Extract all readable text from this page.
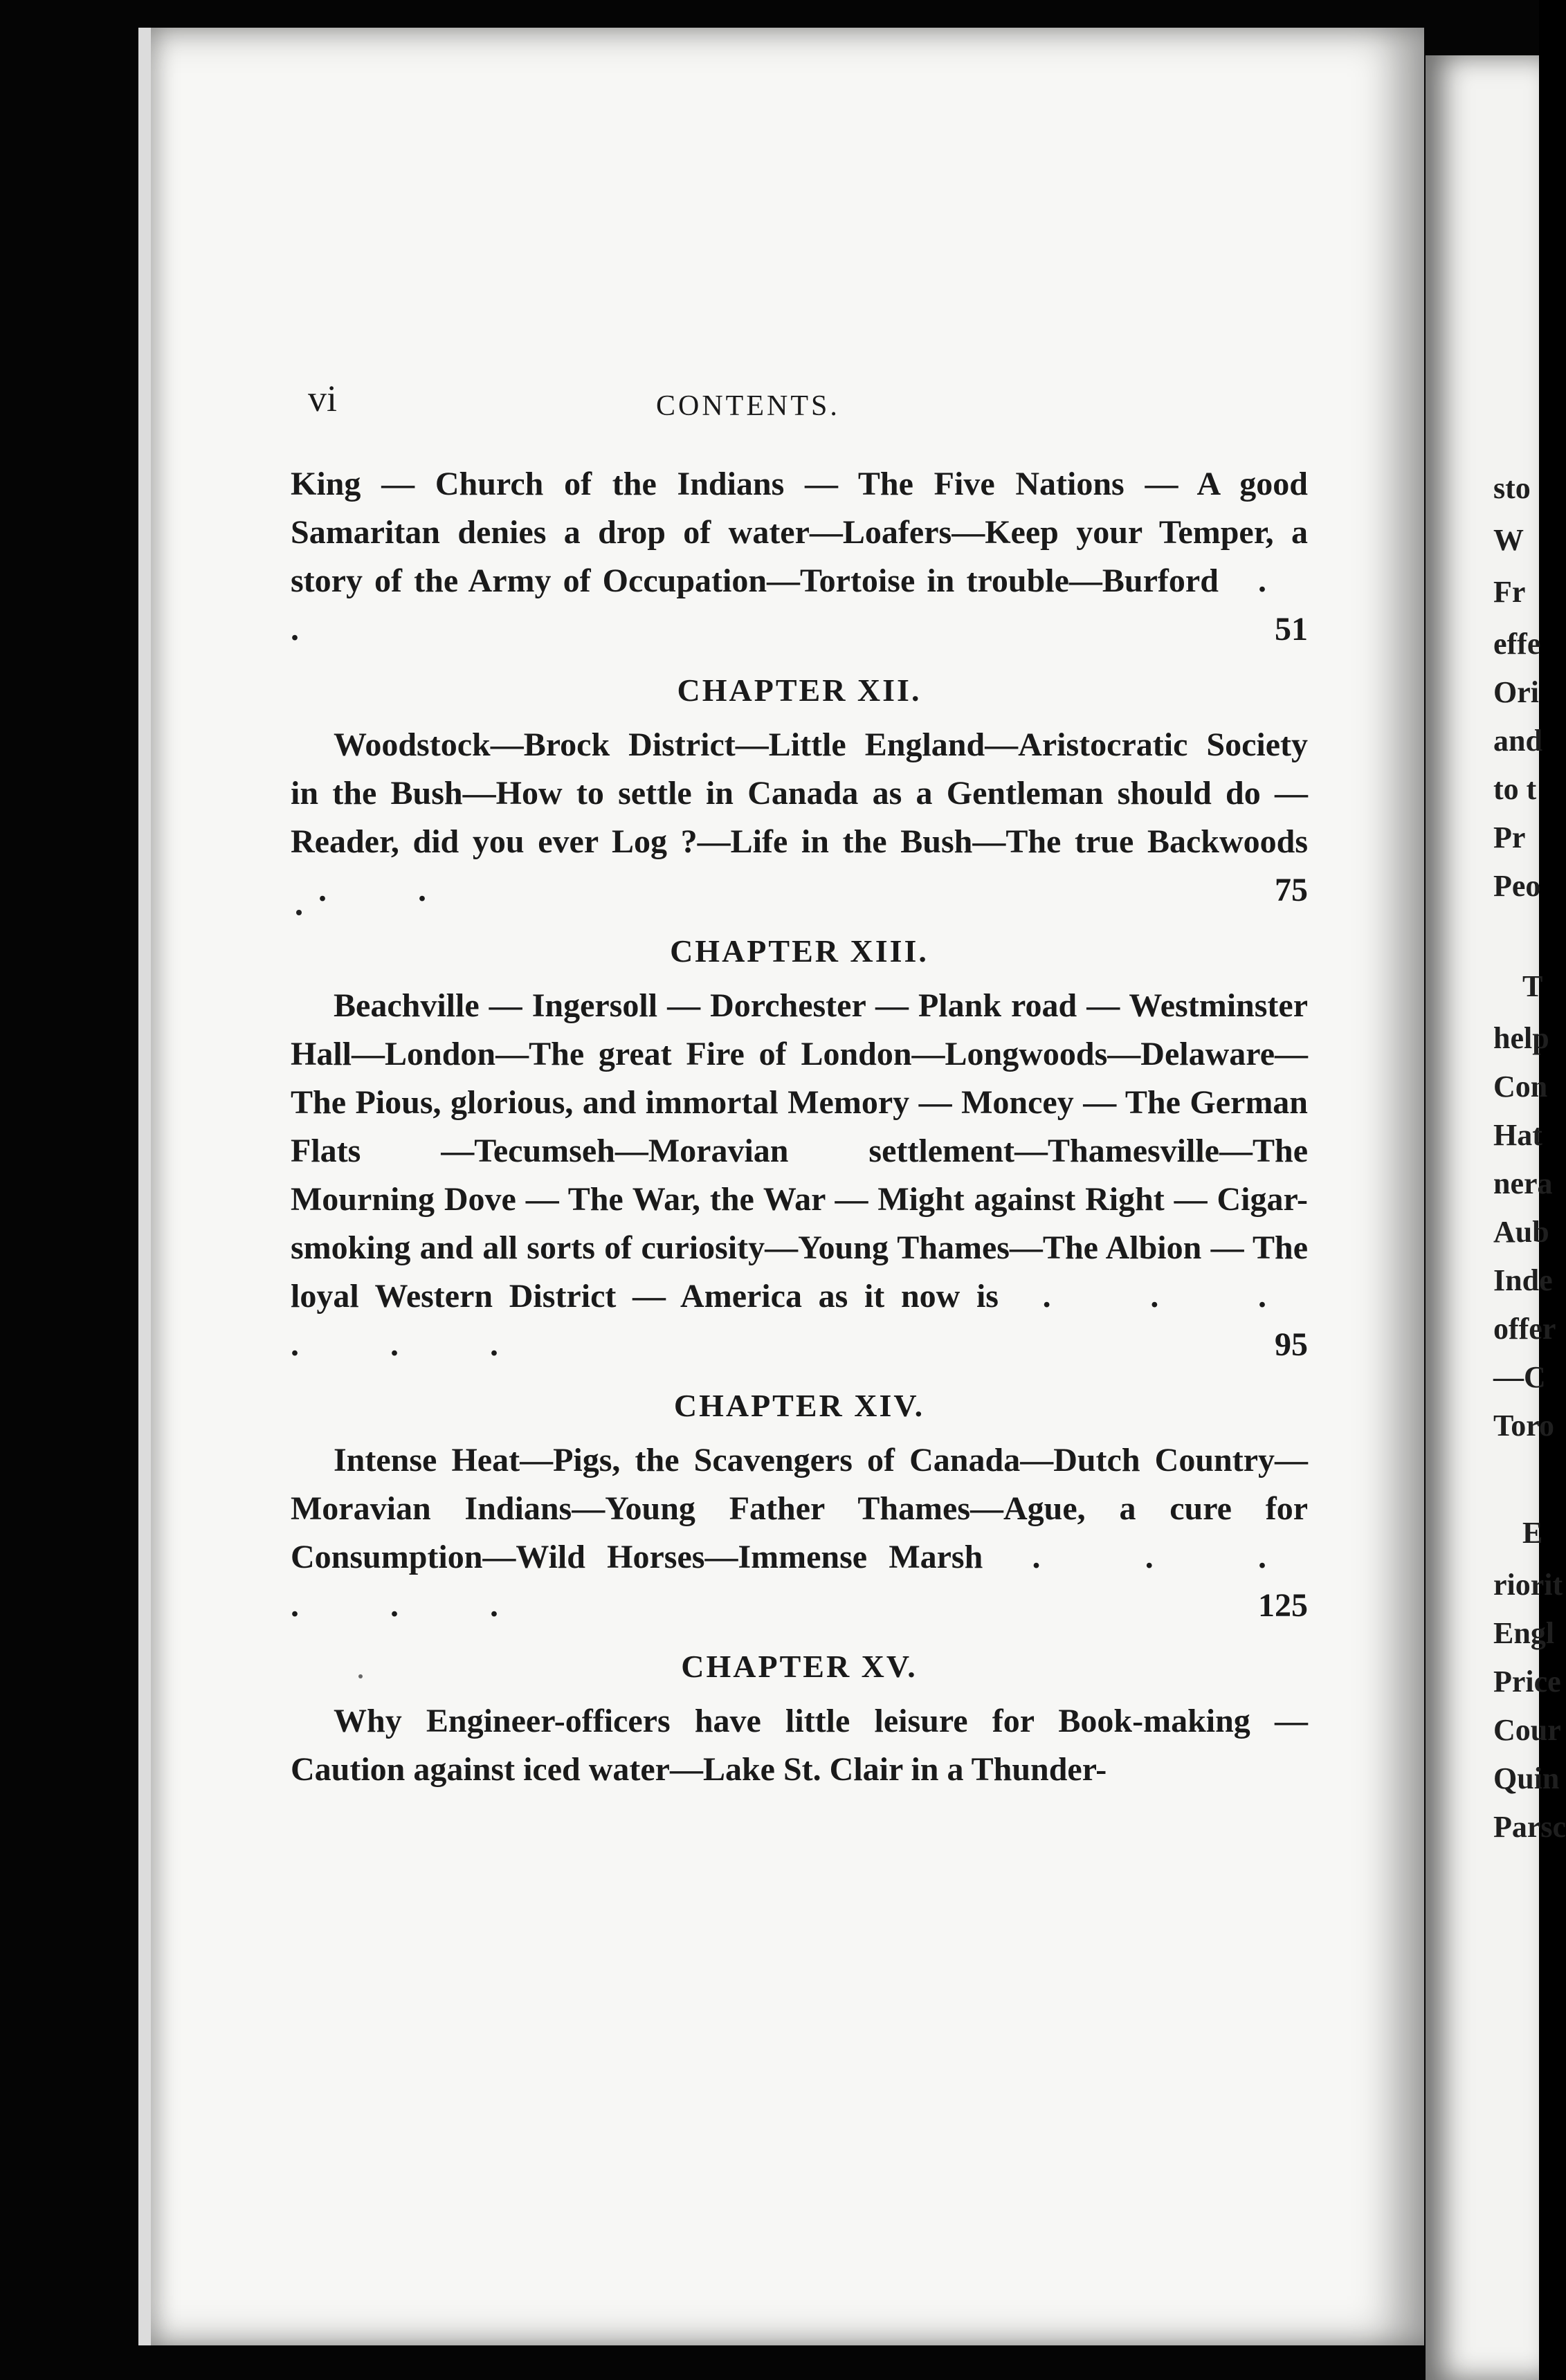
vi	CONTENTS.

King — Church of the Indians — The Five Nations — A good Samaritan denies a drop of water—Loafers—Keep your Temper, a story of the Army of Occupation—Tortoise in trouble—Burford . .	51

CHAPTER XII.

Woodstock—Brock District—Little England—Aristocratic Society in the Bush—How to settle in Canada as a Gentleman should do — Reader, did you ever Log ?—Life in the Bush—The true Backwoods . .	75

CHAPTER XIII.

Beachville — Ingersoll — Dorchester — Plank road — Westminster Hall—London—The great Fire of London—Longwoods—Delaware—The Pious, glorious, and immortal Memory — Moncey — The German Flats —Tecumseh—Moravian settlement—Thamesville—The Mourning Dove — The War, the War — Might against Right — Cigar-smoking and all sorts of curiosity—Young Thames—The Albion — The loyal Western District — America as it now is . . . . . .	95

CHAPTER XIV.

Intense Heat—Pigs, the Scavengers of Canada—Dutch Country—Moravian Indians—Young Father Thames—Ague, a cure for Consumption—Wild Horses—Immense Marsh . . . . . .	125

CHAPTER XV.

Why Engineer-officers have little leisure for Book-making —Caution against iced water—Lake St. Clair in a Thunder-

sto
W
Fr
effe
Ori
and
to t
Pr
Peo
T
help
Con
Hat
nera
Aub
Inde
offer
—C
Toro
E
riorit
Engl
Price
Cour
Quin
Parsc
